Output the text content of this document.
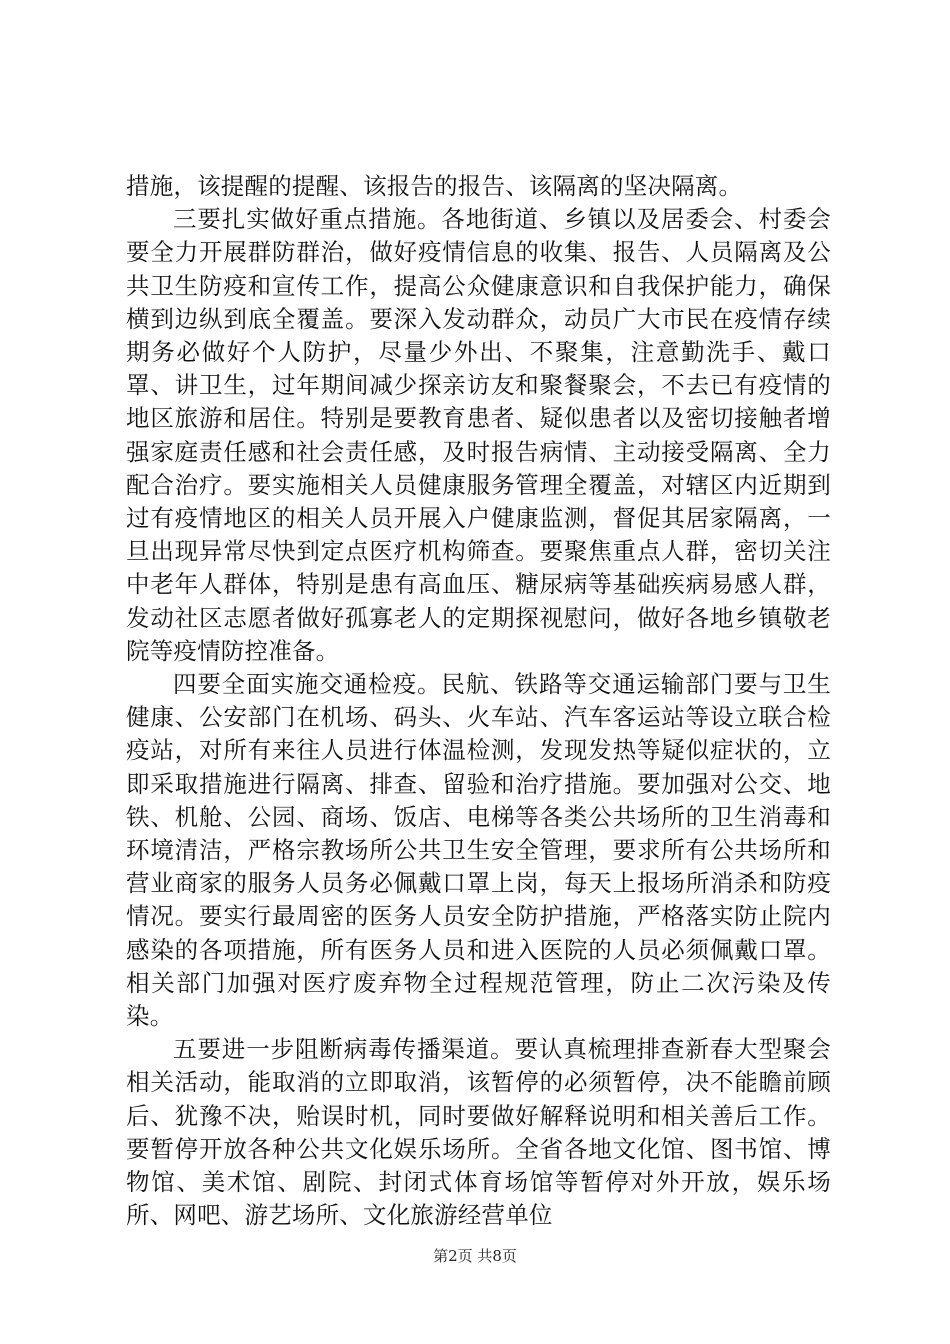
措施，该提醒的提醒、该报告的报告、该隔离的坚决隔离。

三要扎实做好重点措施。各地街道、乡镇以及居委会、村委会要全力开展群防群治，做好疫情信息的收集、报告、人员隔离及公共卫生防疫和宣传工作，提高公众健康意识和自我保护能力，确保横到边纵到底全覆盖。要深入发动群众，动员广大市民在疫情存续期务必做好个人防护，尽量少外出、不聚集，注意勤洗手、戴口罩、讲卫生，过年期间减少探亲访友和聚餐聚会，不去已有疫情的地区旅游和居住。特别是要教育患者、疑似患者以及密切接触者增强家庭责任感和社会责任感，及时报告病情、主动接受隔离、全力配合治疗。要实施相关人员健康服务管理全覆盖，对辖区内近期到过有疫情地区的相关人员开展入户健康监测，督促其居家隔离，一旦出现异常尽快到定点医疗机构筛查。要聚焦重点人群，密切关注中老年人群体，特别是患有高血压、糖尿病等基础疾病易感人群，发动社区志愿者做好孤寡老人的定期探视慰问，做好各地乡镇敬老院等疫情防控准备。

四要全面实施交通检疫。民航、铁路等交通运输部门要与卫生健康、公安部门在机场、码头、火车站、汽车客运站等设立联合检疫站，对所有来往人员进行体温检测，发现发热等疑似症状的，立即采取措施进行隔离、排查、留验和治疗措施。要加强对公交、地铁、机舱、公园、商场、饭店、电梯等各类公共场所的卫生消毒和环境清洁，严格宗教场所公共卫生安全管理，要求所有公共场所和营业商家的服务人员务必佩戴口罩上岗，每天上报场所消杀和防疫情况。要实行最周密的医务人员安全防护措施，严格落实防止院内感染的各项措施，所有医务人员和进入医院的人员必须佩戴口罩。相关部门加强对医疗废弃物全过程规范管理，防止二次污染及传染。

五要进一步阻断病毒传播渠道。要认真梳理排查新春大型聚会相关活动，能取消的立即取消，该暂停的必须暂停，决不能瞻前顾后、犹豫不决，贻误时机，同时要做好解释说明和相关善后工作。要暂停开放各种公共文化娱乐场所。全省各地文化馆、图书馆、博物馆、美术馆、剧院、封闭式体育场馆等暂停对外开放，娱乐场所、网吧、游艺场所、文化旅游经营单位

第2页 共8页
